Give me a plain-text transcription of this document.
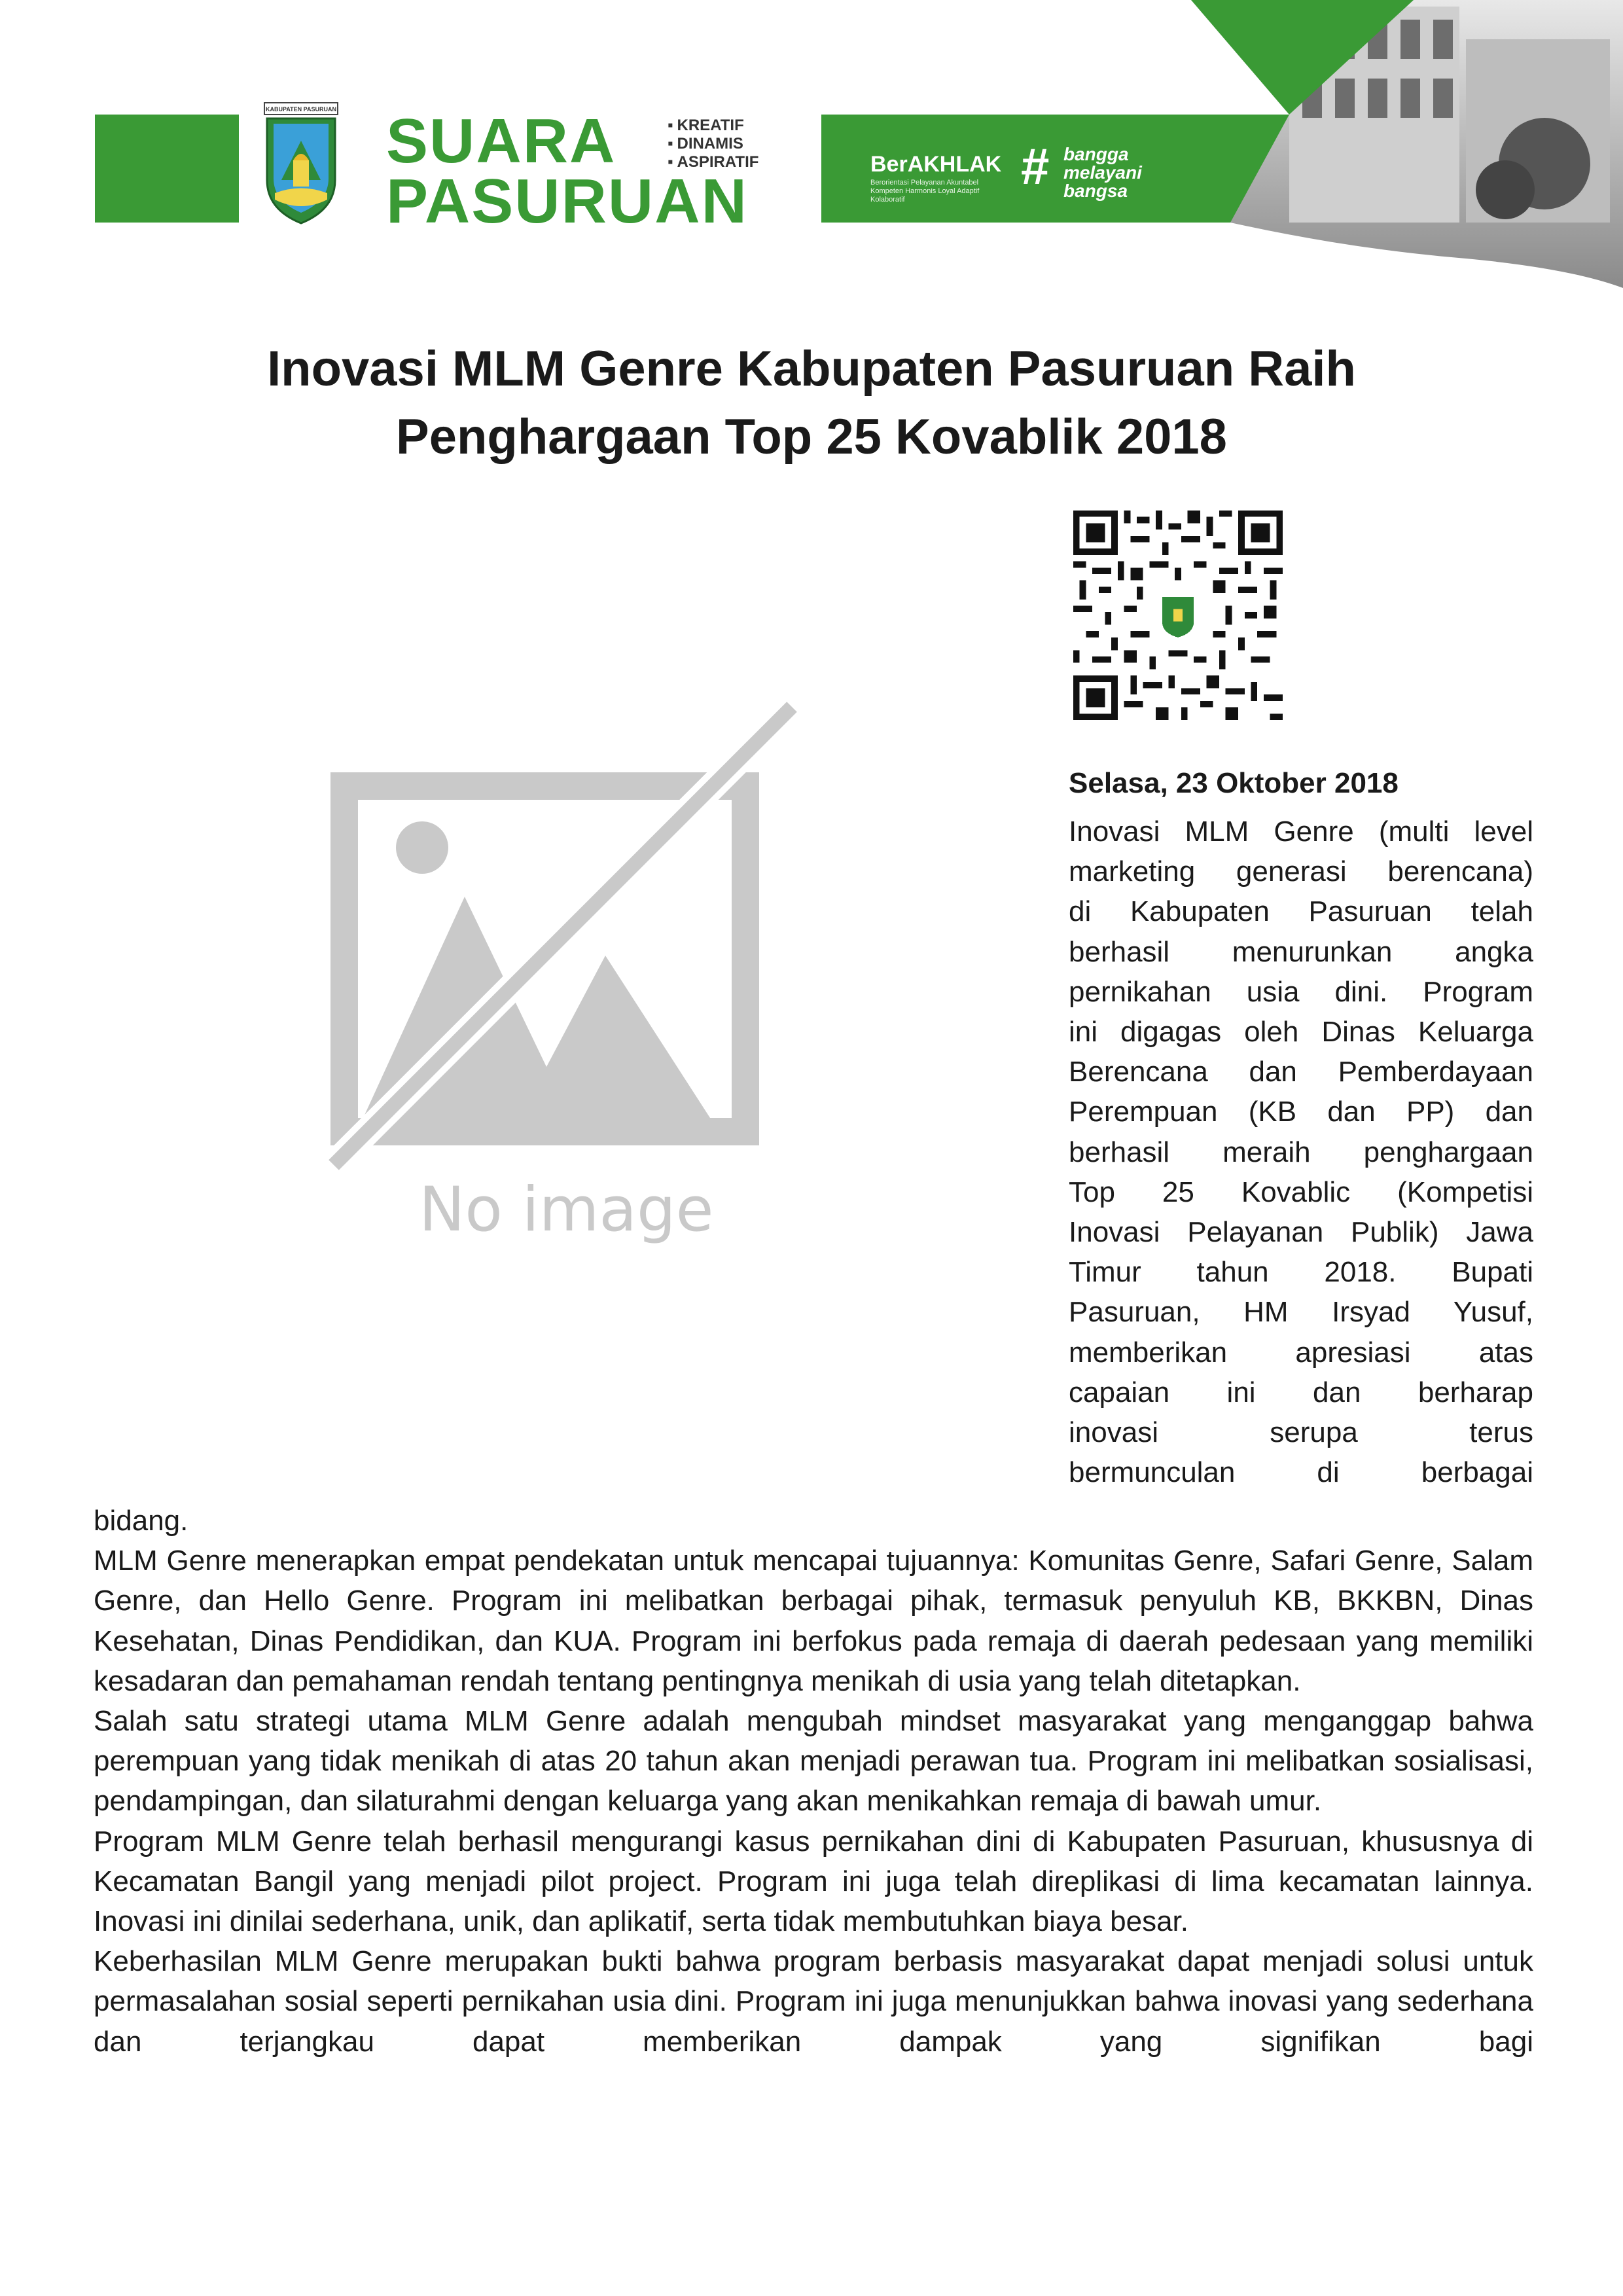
KABUPATEN PASURUAN SUARA
PASURUAN
▪ KREATIF
▪ DINAMIS
▪ ASPIRATIF	BerAKHLAK
Berorientasi Pelayanan Akuntabel Kompeten Harmonis Loyal Adaptif Kolaboratif
# bangga
melayani
bangsa
Inovasi MLM Genre Kabupaten Pasuruan Raih
Penghargaan Top 25 Kovablik 2018
No image
Selasa, 23 Oktober 2018
Inovasi MLM Genre (multi level
marketing generasi berencana)
di Kabupaten Pasuruan telah
berhasil menurunkan angka
pernikahan usia dini. Program
ini digagas oleh Dinas Keluarga
Berencana dan Pemberdayaan
Perempuan (KB dan PP) dan
berhasil meraih penghargaan
Top 25 Kovablic (Kompetisi
Inovasi Pelayanan Publik) Jawa
Timur tahun 2018. Bupati
Pasuruan, HM Irsyad Yusuf,
memberikan apresiasi atas
capaian ini dan berharap
inovasi serupa terus
bermunculan di berbagai

bidang.

MLM Genre menerapkan empat pendekatan untuk mencapai tujuannya: Komunitas Genre, Safari Genre, Salam Genre, dan Hello Genre. Program ini melibatkan berbagai pihak, termasuk penyuluh KB, BKKBN, Dinas Kesehatan, Dinas Pendidikan, dan KUA. Program ini berfokus pada remaja di daerah pedesaan yang memiliki kesadaran dan pemahaman rendah tentang pentingnya menikah di usia yang telah ditetapkan.

Salah satu strategi utama MLM Genre adalah mengubah mindset masyarakat yang menganggap bahwa perempuan yang tidak menikah di atas 20 tahun akan menjadi perawan tua. Program ini melibatkan sosialisasi, pendampingan, dan silaturahmi dengan keluarga yang akan menikahkan remaja di bawah umur.

Program MLM Genre telah berhasil mengurangi kasus pernikahan dini di Kabupaten Pasuruan, khususnya di Kecamatan Bangil yang menjadi pilot project. Program ini juga telah direplikasi di lima kecamatan lainnya. Inovasi ini dinilai sederhana, unik, dan aplikatif, serta tidak membutuhkan biaya besar.

Keberhasilan MLM Genre merupakan bukti bahwa program berbasis masyarakat dapat menjadi solusi untuk permasalahan sosial seperti pernikahan usia dini. Program ini juga menunjukkan bahwa inovasi yang sederhana dan terjangkau dapat memberikan dampak yang signifikan bagi
